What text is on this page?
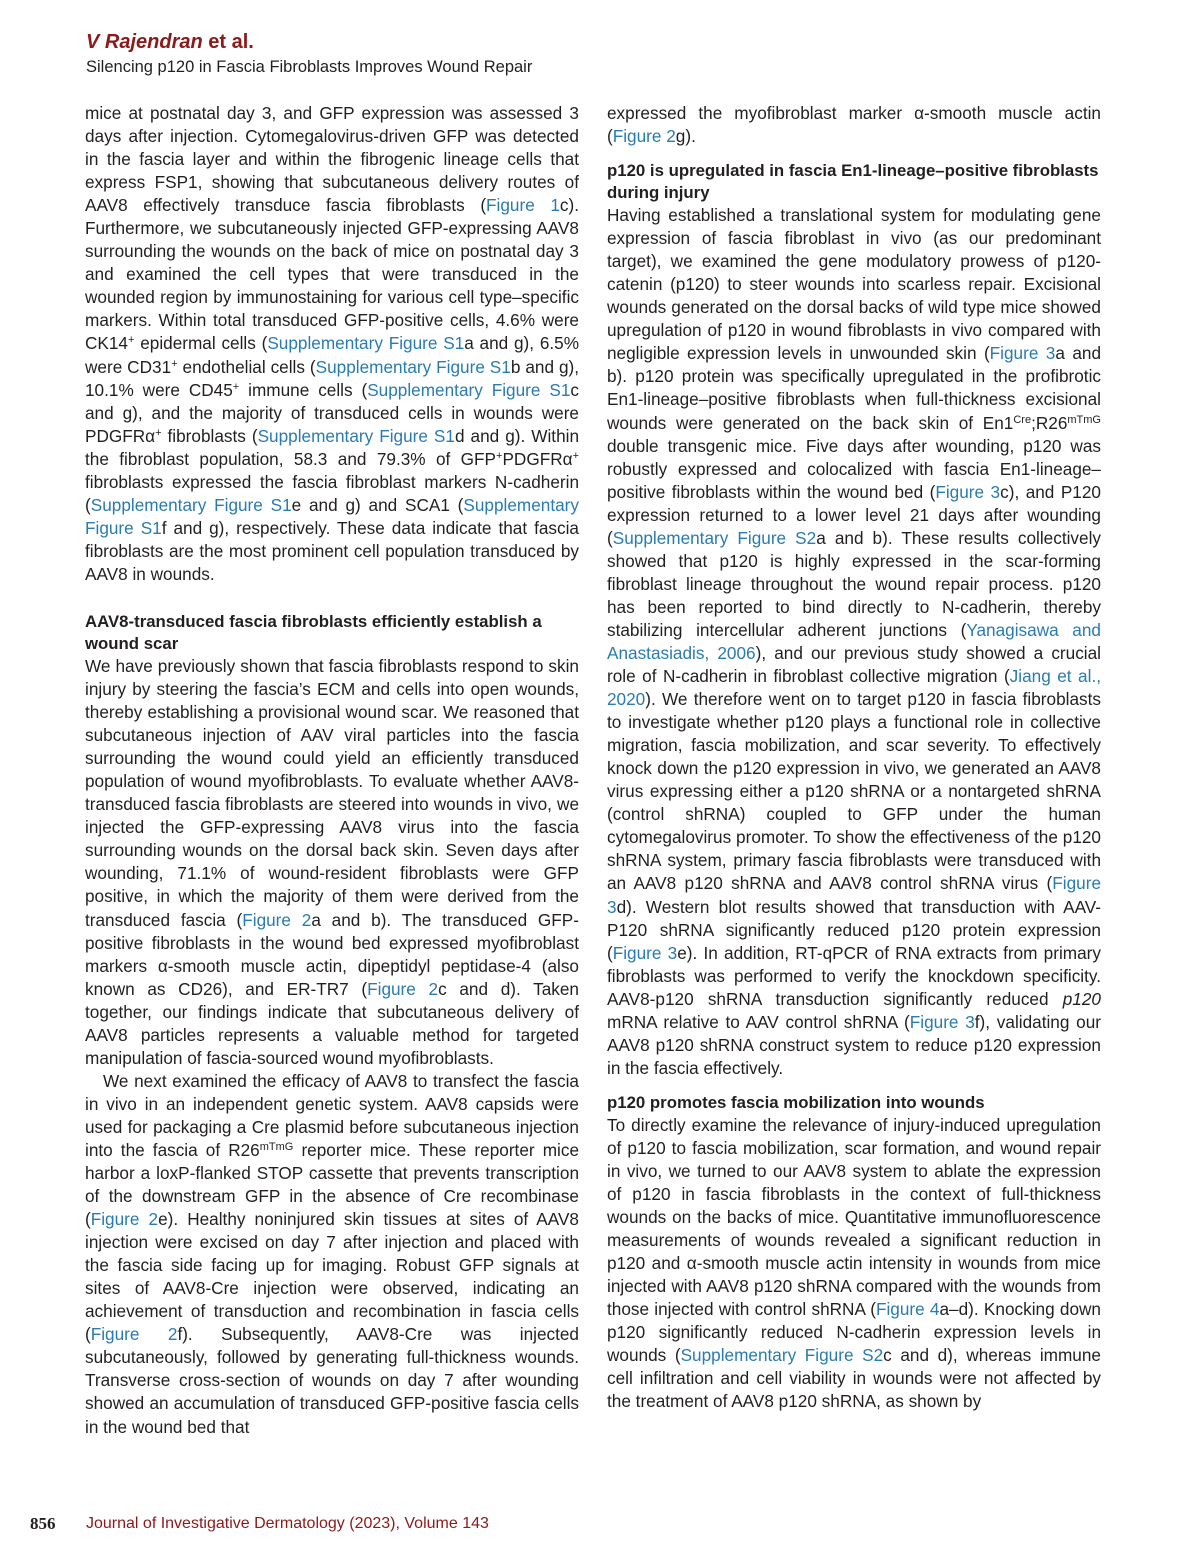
V Rajendran et al.
Silencing p120 in Fascia Fibroblasts Improves Wound Repair

mice at postnatal day 3, and GFP expression was assessed 3 days after injection. Cytomegalovirus-driven GFP was detected in the fascia layer and within the fibrogenic lineage cells that express FSP1, showing that subcutaneous delivery routes of AAV8 effectively transduce fascia fibroblasts (Figure 1c). Furthermore, we subcutaneously injected GFP-expressing AAV8 surrounding the wounds on the back of mice on postnatal day 3 and examined the cell types that were transduced in the wounded region by immunostaining for various cell type–specific markers. Within total transduced GFP-positive cells, 4.6% were CK14+ epidermal cells (Supplementary Figure S1a and g), 6.5% were CD31+ endothelial cells (Supplementary Figure S1b and g), 10.1% were CD45+ immune cells (Supplementary Figure S1c and g), and the majority of transduced cells in wounds were PDGFRα+ fibroblasts (Supplementary Figure S1d and g). Within the fibroblast population, 58.3 and 79.3% of GFP+PDGFRα+ fibroblasts expressed the fascia fibroblast markers N-cadherin (Supplementary Figure S1e and g) and SCA1 (Supplementary Figure S1f and g), respectively. These data indicate that fascia fibroblasts are the most prominent cell population transduced by AAV8 in wounds.

AAV8-transduced fascia fibroblasts efficiently establish a wound scar

We have previously shown that fascia fibroblasts respond to skin injury by steering the fascia’s ECM and cells into open wounds, thereby establishing a provisional wound scar. We reasoned that subcutaneous injection of AAV viral particles into the fascia surrounding the wound could yield an efficiently transduced population of wound myofibroblasts. To evaluate whether AAV8-transduced fascia fibroblasts are steered into wounds in vivo, we injected the GFP-expressing AAV8 virus into the fascia surrounding wounds on the dorsal back skin. Seven days after wounding, 71.1% of wound-resident fibroblasts were GFP positive, in which the majority of them were derived from the transduced fascia (Figure 2a and b). The transduced GFP-positive fibroblasts in the wound bed expressed myofibroblast markers α-smooth muscle actin, dipeptidyl peptidase-4 (also known as CD26), and ER-TR7 (Figure 2c and d). Taken together, our findings indicate that subcutaneous delivery of AAV8 particles represents a valuable method for targeted manipulation of fascia-sourced wound myofibroblasts.

We next examined the efficacy of AAV8 to transfect the fascia in vivo in an independent genetic system. AAV8 capsids were used for packaging a Cre plasmid before subcutaneous injection into the fascia of $R26^{mTmG}$ reporter mice. These reporter mice harbor a loxP-flanked STOP cassette that prevents transcription of the downstream GFP in the absence of Cre recombinase (Figure 2e). Healthy noninjured skin tissues at sites of AAV8 injection were excised on day 7 after injection and placed with the fascia side facing up for imaging. Robust GFP signals at sites of AAV8-Cre injection were observed, indicating an achievement of transduction and recombination in fascia cells (Figure 2f). Subsequently, AAV8-Cre was injected subcutaneously, followed by generating full-thickness wounds. Transverse cross-section of wounds on day 7 after wounding showed an accumulation of transduced GFP-positive fascia cells in the wound bed that

expressed the myofibroblast marker α-smooth muscle actin (Figure 2g).

p120 is upregulated in fascia En1-lineage–positive fibroblasts during injury

Having established a translational system for modulating gene expression of fascia fibroblast in vivo (as our predominant target), we examined the gene modulatory prowess of p120-catenin (p120) to steer wounds into scarless repair. Excisional wounds generated on the dorsal backs of wild type mice showed upregulation of p120 in wound fibroblasts in vivo compared with negligible expression levels in unwounded skin (Figure 3a and b). p120 protein was specifically upregulated in the profibrotic En1-lineage–positive fibroblasts when full-thickness excisional wounds were generated on the back skin of $En1^{Cre};R26^{mTmG}$ double transgenic mice. Five days after wounding, p120 was robustly expressed and colocalized with fascia En1-lineage–positive fibroblasts within the wound bed (Figure 3c), and P120 expression returned to a lower level 21 days after wounding (Supplementary Figure S2a and b). These results collectively showed that p120 is highly expressed in the scar-forming fibroblast lineage throughout the wound repair process. p120 has been reported to bind directly to N-cadherin, thereby stabilizing intercellular adherent junctions (Yanagisawa and Anastasiadis, 2006), and our previous study showed a crucial role of N-cadherin in fibroblast collective migration (Jiang et al., 2020). We therefore went on to target p120 in fascia fibroblasts to investigate whether p120 plays a functional role in collective migration, fascia mobilization, and scar severity. To effectively knock down the p120 expression in vivo, we generated an AAV8 virus expressing either a p120 shRNA or a nontargeted shRNA (control shRNA) coupled to GFP under the human cytomegalovirus promoter. To show the effectiveness of the p120 shRNA system, primary fascia fibroblasts were transduced with an AAV8 p120 shRNA and AAV8 control shRNA virus (Figure 3d). Western blot results showed that transduction with AAV-P120 shRNA significantly reduced p120 protein expression (Figure 3e). In addition, RT-qPCR of RNA extracts from primary fibroblasts was performed to verify the knockdown specificity. AAV8-p120 shRNA transduction significantly reduced p120 mRNA relative to AAV control shRNA (Figure 3f), validating our AAV8 p120 shRNA construct system to reduce p120 expression in the fascia effectively.

p120 promotes fascia mobilization into wounds

To directly examine the relevance of injury-induced upregulation of p120 to fascia mobilization, scar formation, and wound repair in vivo, we turned to our AAV8 system to ablate the expression of p120 in fascia fibroblasts in the context of full-thickness wounds on the backs of mice. Quantitative immunofluorescence measurements of wounds revealed a significant reduction in p120 and α-smooth muscle actin intensity in wounds from mice injected with AAV8 p120 shRNA compared with the wounds from those injected with control shRNA (Figure 4a–d). Knocking down p120 significantly reduced N-cadherin expression levels in wounds (Supplementary Figure S2c and d), whereas immune cell infiltration and cell viability in wounds were not affected by the treatment of AAV8 p120 shRNA, as shown by

856 Journal of Investigative Dermatology (2023), Volume 143
